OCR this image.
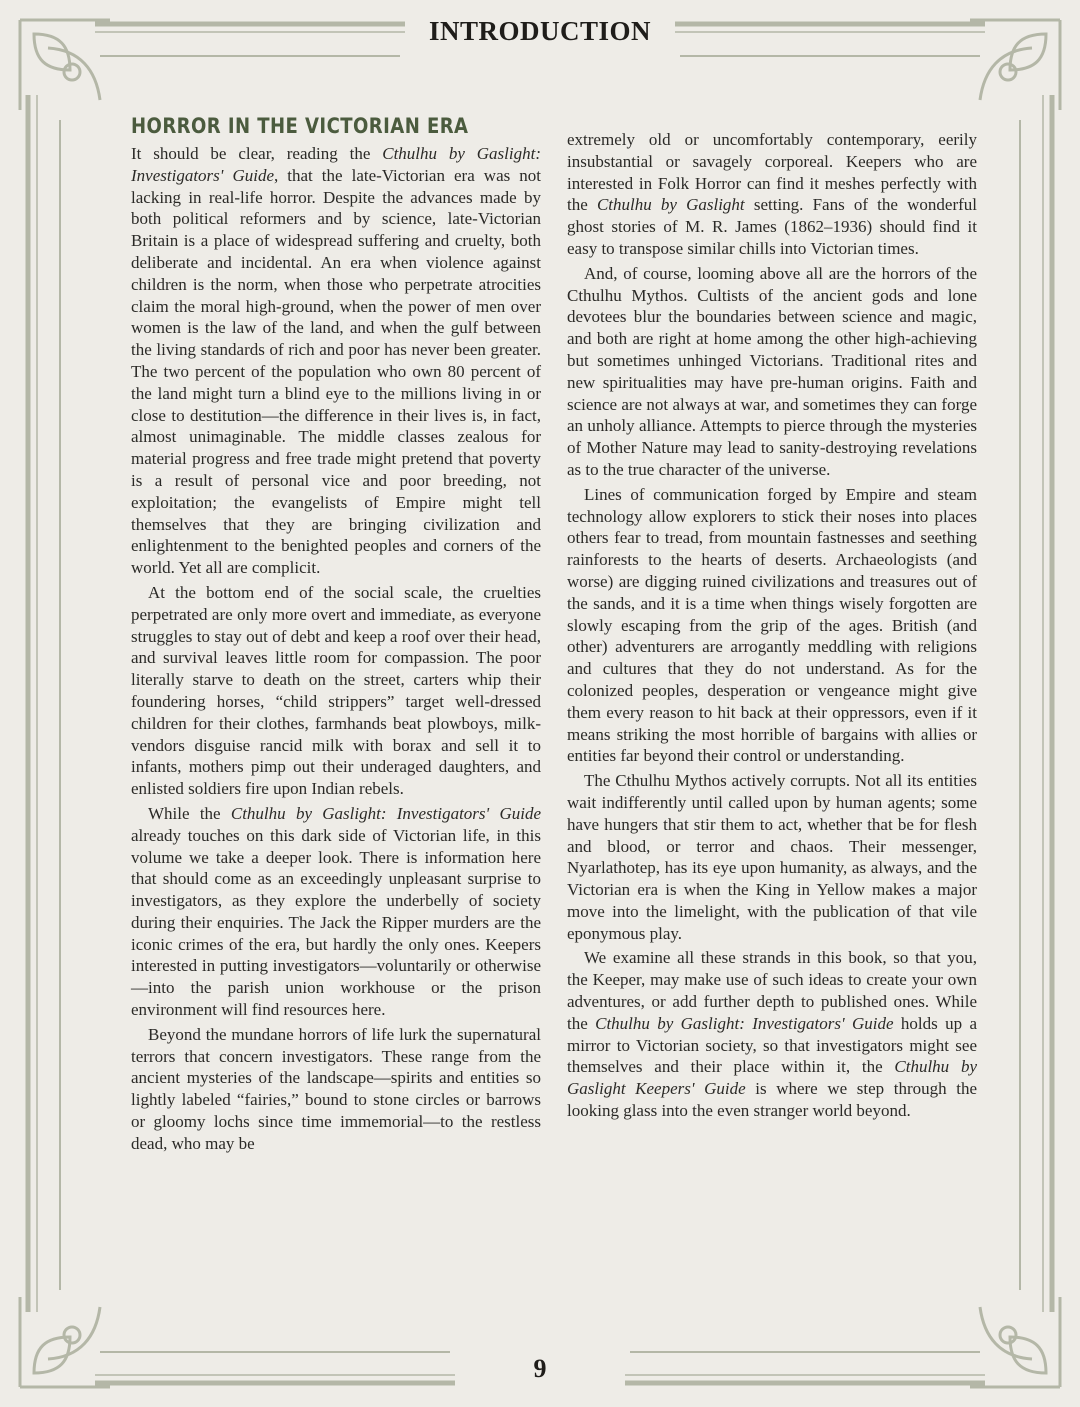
INTRODUCTION
HORROR IN THE VICTORIAN ERA

It should be clear, reading the Cthulhu by Gaslight: Investigators' Guide, that the late-Victorian era was not lacking in real-life horror. Despite the advances made by both political reformers and by science, late-Victorian Britain is a place of widespread suffering and cruelty, both deliberate and incidental. An era when violence against children is the norm, when those who perpetrate atrocities claim the moral high-ground, when the power of men over women is the law of the land, and when the gulf between the living standards of rich and poor has never been greater. The two percent of the population who own 80 percent of the land might turn a blind eye to the millions living in or close to destitution—the difference in their lives is, in fact, almost unimaginable. The middle classes zealous for material progress and free trade might pretend that poverty is a result of personal vice and poor breeding, not exploitation; the evangelists of Empire might tell themselves that they are bringing civilization and enlightenment to the benighted peoples and corners of the world. Yet all are complicit.

At the bottom end of the social scale, the cruelties perpetrated are only more overt and immediate, as everyone struggles to stay out of debt and keep a roof over their head, and survival leaves little room for compassion. The poor literally starve to death on the street, carters whip their foundering horses, “child strippers” target well-dressed children for their clothes, farmhands beat plowboys, milk-vendors disguise rancid milk with borax and sell it to infants, mothers pimp out their underaged daughters, and enlisted soldiers fire upon Indian rebels.

While the Cthulhu by Gaslight: Investigators' Guide already touches on this dark side of Victorian life, in this volume we take a deeper look. There is information here that should come as an exceedingly unpleasant surprise to investigators, as they explore the underbelly of society during their enquiries. The Jack the Ripper murders are the iconic crimes of the era, but hardly the only ones. Keepers interested in putting investigators—voluntarily or otherwise—into the parish union workhouse or the prison environment will find resources here.

Beyond the mundane horrors of life lurk the supernatural terrors that concern investigators. These range from the ancient mysteries of the landscape—spirits and entities so lightly labeled “fairies,” bound to stone circles or barrows or gloomy lochs since time immemorial—to the restless dead, who may be

extremely old or uncomfortably contemporary, eerily insubstantial or savagely corporeal. Keepers who are interested in Folk Horror can find it meshes perfectly with the Cthulhu by Gaslight setting. Fans of the wonderful ghost stories of M. R. James (1862–1936) should find it easy to transpose similar chills into Victorian times.

And, of course, looming above all are the horrors of the Cthulhu Mythos. Cultists of the ancient gods and lone devotees blur the boundaries between science and magic, and both are right at home among the other high-achieving but sometimes unhinged Victorians. Traditional rites and new spiritualities may have pre-human origins. Faith and science are not always at war, and sometimes they can forge an unholy alliance. Attempts to pierce through the mysteries of Mother Nature may lead to sanity-destroying revelations as to the true character of the universe.

Lines of communication forged by Empire and steam technology allow explorers to stick their noses into places others fear to tread, from mountain fastnesses and seething rainforests to the hearts of deserts. Archaeologists (and worse) are digging ruined civilizations and treasures out of the sands, and it is a time when things wisely forgotten are slowly escaping from the grip of the ages. British (and other) adventurers are arrogantly meddling with religions and cultures that they do not understand. As for the colonized peoples, desperation or vengeance might give them every reason to hit back at their oppressors, even if it means striking the most horrible of bargains with allies or entities far beyond their control or understanding.

The Cthulhu Mythos actively corrupts. Not all its entities wait indifferently until called upon by human agents; some have hungers that stir them to act, whether that be for flesh and blood, or terror and chaos. Their messenger, Nyarlathotep, has its eye upon humanity, as always, and the Victorian era is when the King in Yellow makes a major move into the limelight, with the publication of that vile eponymous play.

We examine all these strands in this book, so that you, the Keeper, may make use of such ideas to create your own adventures, or add further depth to published ones. While the Cthulhu by Gaslight: Investigators' Guide holds up a mirror to Victorian society, so that investigators might see themselves and their place within it, the Cthulhu by Gaslight Keepers' Guide is where we step through the looking glass into the even stranger world beyond.

9
